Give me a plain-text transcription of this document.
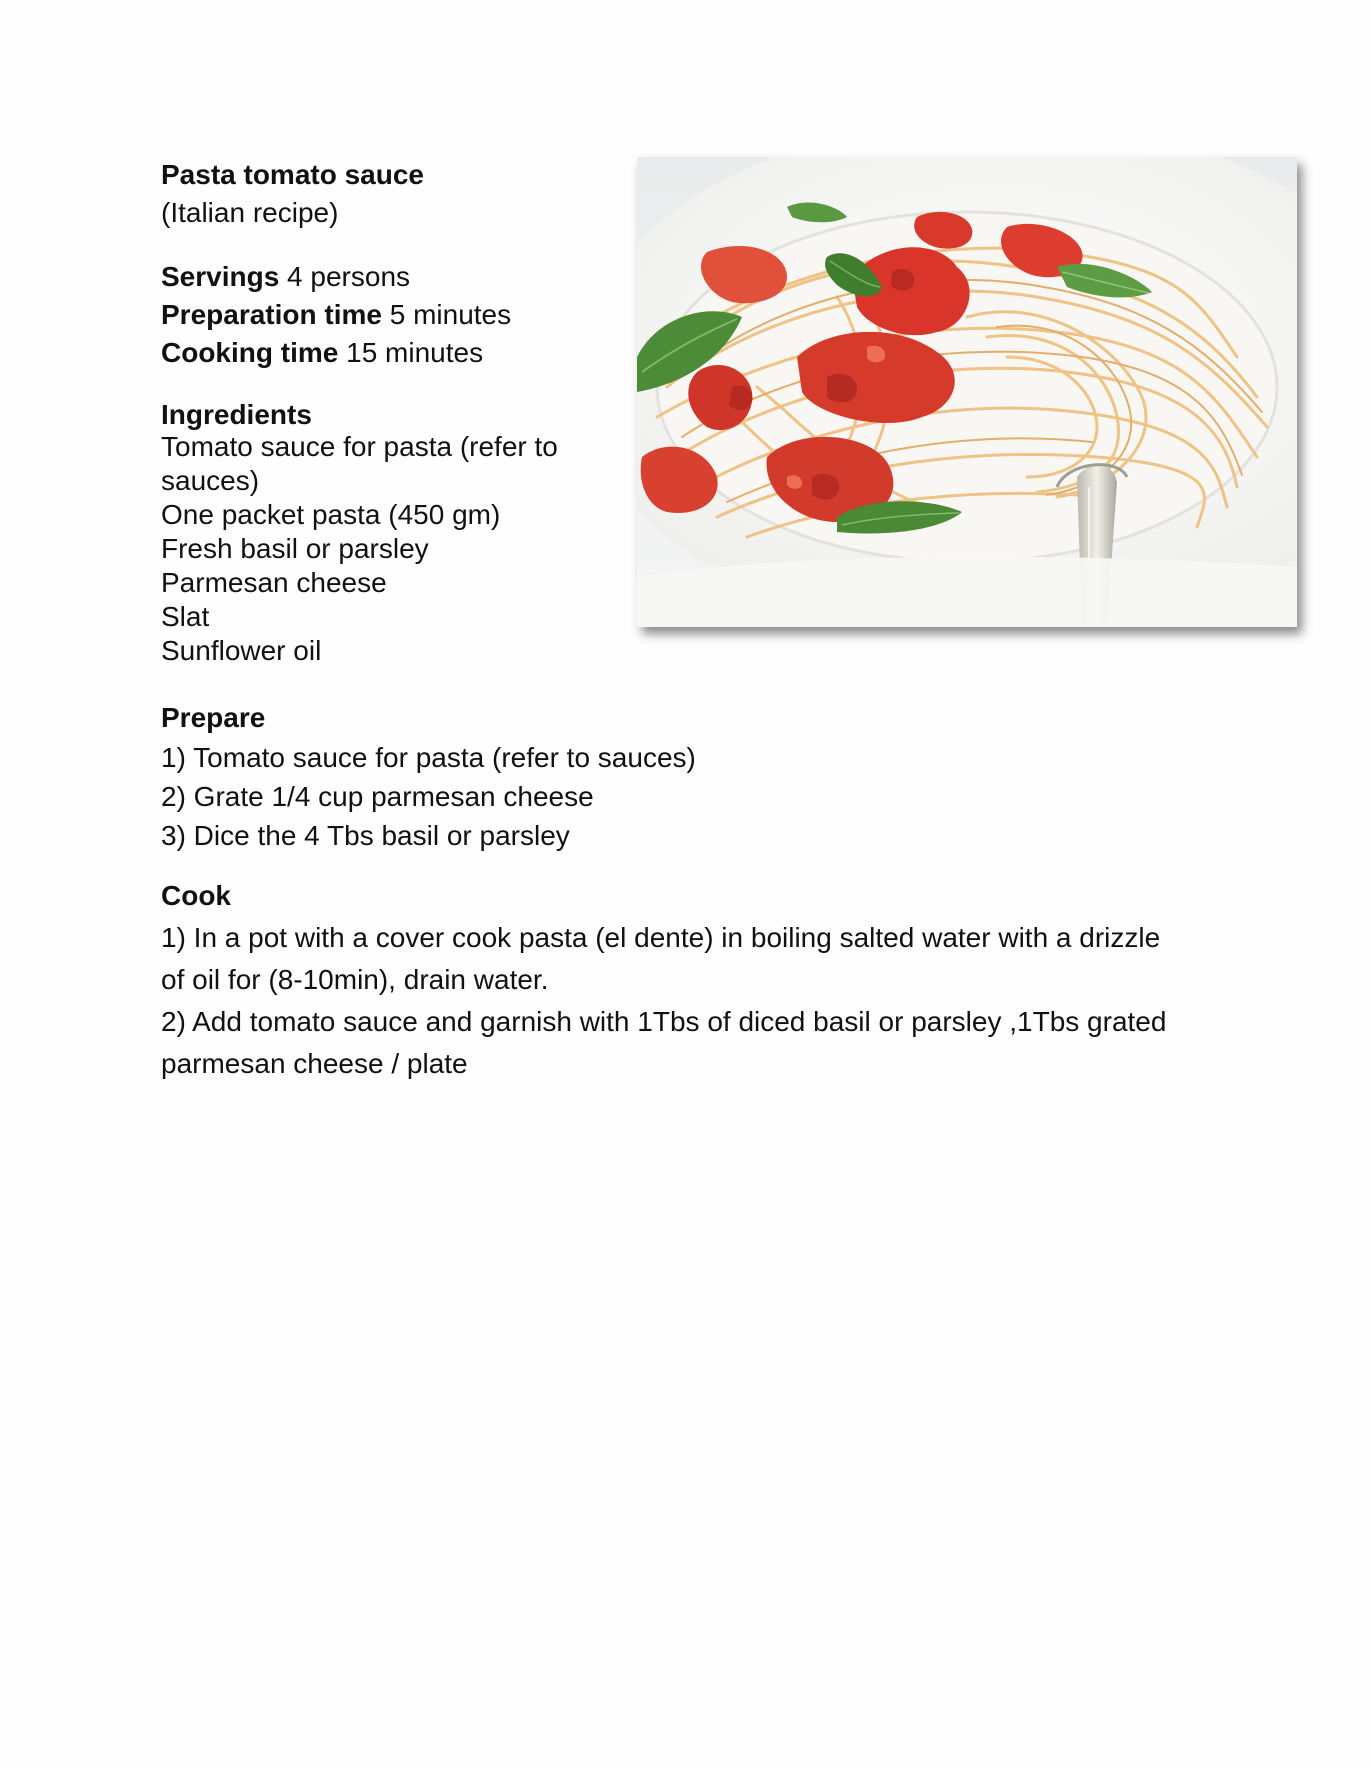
Pasta tomato sauce

(Italian recipe)

Servings 4 persons
Preparation time 5 minutes
Cooking time 15 minutes

Ingredients

Tomato sauce for pasta (refer to
sauces)
One packet pasta (450 gm)
Fresh basil or parsley
Parmesan cheese
Slat
Sunflower oil

Prepare

1) Tomato sauce for pasta (refer to sauces)
2) Grate 1/4 cup parmesan cheese
3) Dice the 4 Tbs basil or parsley

Cook

1) In a pot with a cover cook pasta (el dente) in boiling salted water with a drizzle
of oil for (8-10min), drain water.
2) Add tomato sauce and garnish with 1Tbs of diced basil or parsley ,1Tbs grated
parmesan cheese / plate
